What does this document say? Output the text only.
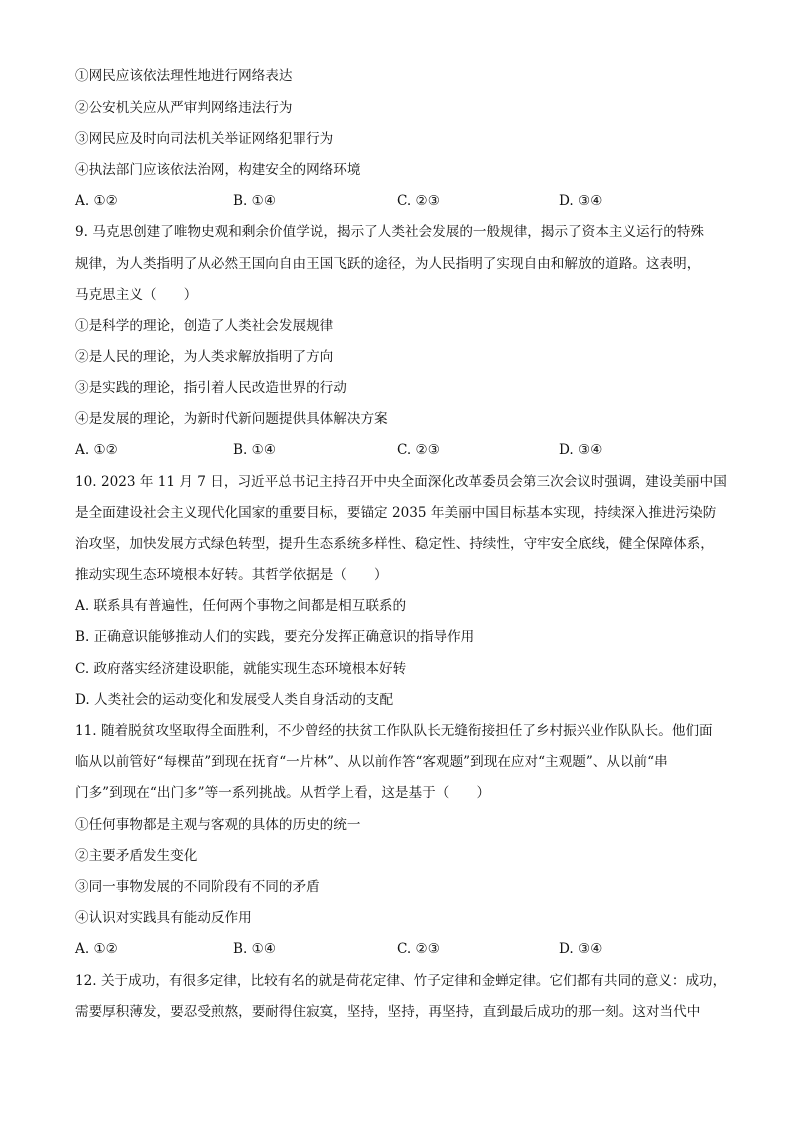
①网民应该依法理性地进行网络表达
②公安机关应从严审判网络违法行为
③网民应及时向司法机关举证网络犯罪行为
④执法部门应该依法治网，构建安全的网络环境
A. ①②	B. ①④	C. ②③	D. ③④
9. 马克思创建了唯物史观和剩余价值学说，揭示了人类社会发展的一般规律，揭示了资本主义运行的特殊
规律，为人类指明了从必然王国向自由王国飞跃的途径，为人民指明了实现自由和解放的道路。这表明，
马克思主义（　　）
①是科学的理论，创造了人类社会发展规律
②是人民的理论，为人类求解放指明了方向
③是实践的理论，指引着人民改造世界的行动
④是发展的理论，为新时代新问题提供具体解决方案
A. ①②	B. ①④	C. ②③	D. ③④
10. 2023 年 11 月 7 日，习近平总书记主持召开中央全面深化改革委员会第三次会议时强调，建设美丽中国
是全面建设社会主义现代化国家的重要目标，要锚定 2035 年美丽中国目标基本实现，持续深入推进污染防
治攻坚，加快发展方式绿色转型，提升生态系统多样性、稳定性、持续性，守牢安全底线，健全保障体系，
推动实现生态环境根本好转。其哲学依据是（　　）
A. 联系具有普遍性，任何两个事物之间都是相互联系的
B. 正确意识能够推动人们的实践，要充分发挥正确意识的指导作用
C. 政府落实经济建设职能，就能实现生态环境根本好转
D. 人类社会的运动变化和发展受人类自身活动的支配
11. 随着脱贫攻坚取得全面胜利，不少曾经的扶贫工作队队长无缝衔接担任了乡村振兴业作队队长。他们面
临从以前管好“每棵苗”到现在抚育“一片林”、从以前作答“客观题”到现在应对“主观题”、从以前“串
门多”到现在“出门多”等一系列挑战。从哲学上看，这是基于（　　）
①任何事物都是主观与客观的具体的历史的统一
②主要矛盾发生变化
③同一事物发展的不同阶段有不同的矛盾
④认识对实践具有能动反作用
A. ①②	B. ①④	C. ②③	D. ③④
12. 关于成功，有很多定律，比较有名的就是荷花定律、竹子定律和金蝉定律。它们都有共同的意义：成功，
需要厚积薄发，要忍受煎熬，要耐得住寂寞，坚持，坚持，再坚持，直到最后成功的那一刻。这对当代中
